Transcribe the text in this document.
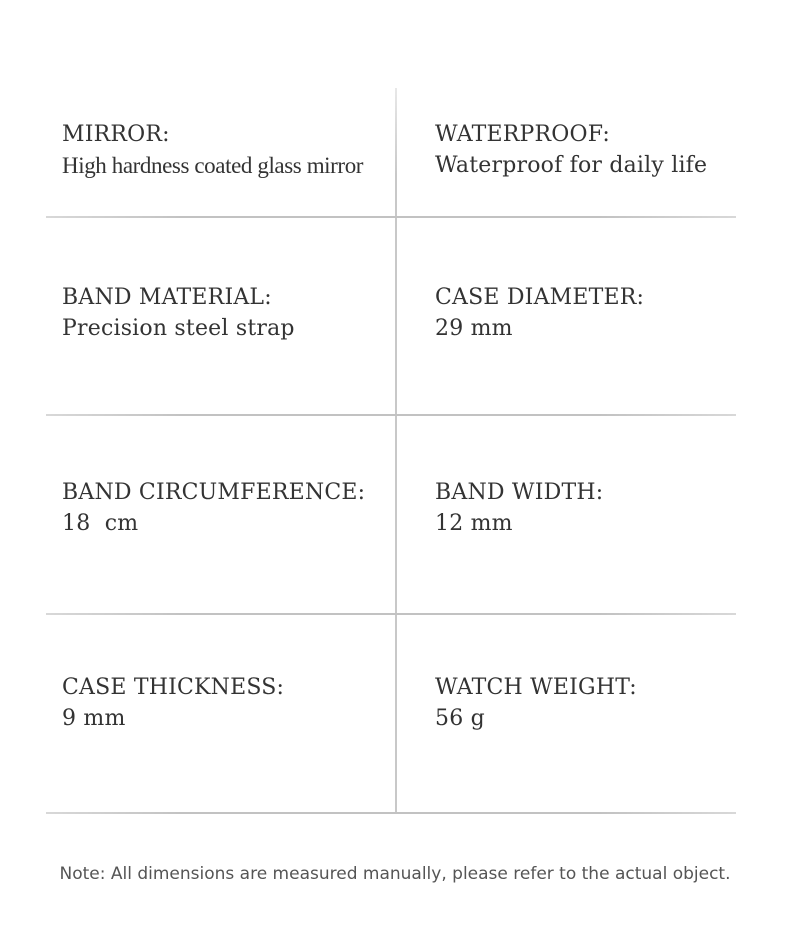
MIRROR:
High hardness coated glass mirror
WATERPROOF:
Waterproof for daily life
BAND MATERIAL:
Precision steel strap
CASE DIAMETER:
29 mm
BAND CIRCUMFERENCE:
18  cm
BAND WIDTH:
12 mm
CASE THICKNESS:
9 mm
WATCH WEIGHT:
56 g
Note: All dimensions are measured manually, please refer to the actual object.
